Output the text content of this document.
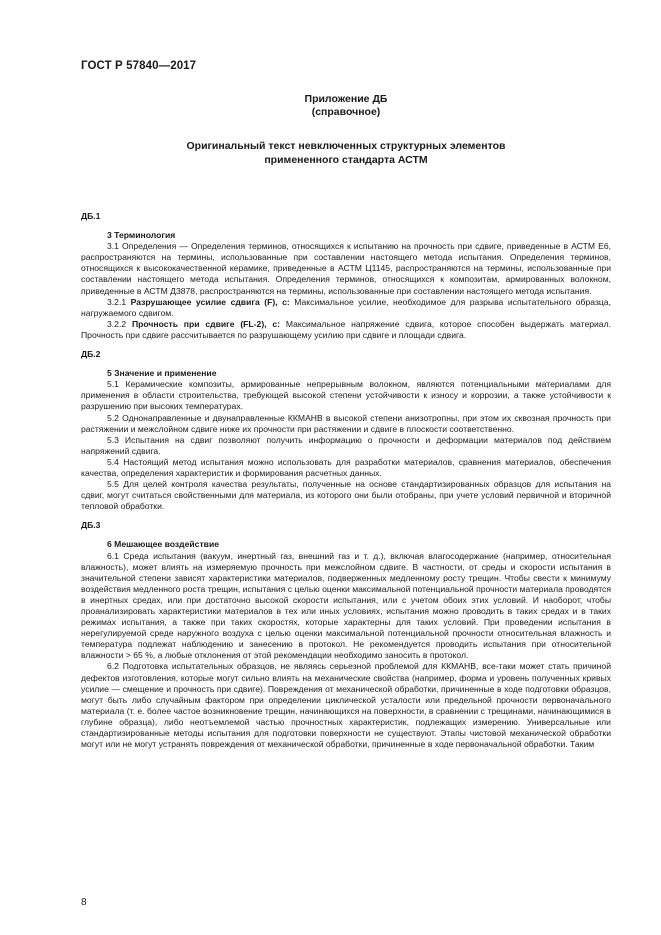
ГОСТ Р 57840—2017
Приложение ДБ
(справочное)
Оригинальный текст невключенных структурных элементов
примененного стандарта АСТМ

ДБ.1

3 Терминология

3.1 Определения — Определения терминов, относящихся к испытанию на прочность при сдвиге, приведенные в АСТМ Е6, распространяются на термины, использованные при составлении настоящего метода испытания. Определения терминов, относящихся к высококачественной керамике, приведенные в АСТМ Ц1145, распространяются на термины, использованные при составлении настоящего метода испытания. Определения терминов, относящихся к композитам, армированных волокном, приведенные в АСТМ Д3878, распространяются на термины, использованные при составлении настоящего метода испытания.

3.2.1 Разрушающее усилие сдвига (F), с: Максимальное усилие, необходимое для разрыва испытательного образца, нагружаемого сдвигом.

3.2.2 Прочность при сдвиге (FL-2), с: Максимальное напряжение сдвига, которое способен выдержать материал. Прочность при сдвиге рассчитывается по разрушающему усилию при сдвиге и площади сдвига.

ДБ.2

5 Значение и применение

5.1 Керамические композиты, армированные непрерывным волокном, являются потенциальными материалами для применения в области строительства, требующей высокой степени устойчивости к износу и коррозии, а также устойчивости к разрушению при высоких температурах.

5.2 Однонаправленные и двунаправленные ККМАНВ в высокой степени анизотропны, при этом их сквозная прочность при растяжении и межслойном сдвиге ниже их прочности при растяжении и сдвиге в плоскости соответственно.

5.3 Испытания на сдвиг позволяют получить информацию о прочности и деформации материалов под действием напряжений сдвига.

5.4 Настоящий метод испытания можно использовать для разработки материалов, сравнения материалов, обеспечения качества, определения характеристик и формирования расчетных данных.

5.5 Для целей контроля качества результаты, полученные на основе стандартизированных образцов для испытания на сдвиг, могут считаться свойственными для материала, из которого они были отобраны, при учете условий первичной и вторичной тепловой обработки.

ДБ.3

6 Мешающее воздействие

6.1 Среда испытания (вакуум, инертный газ, внешний газ и т. д.), включая влагосодержание (например, относительная влажность), может влиять на измеряемую прочность при межслойном сдвиге. В частности, от среды и скорости испытания в значительной степени зависят характеристики материалов, подверженных медленному росту трещин. Чтобы свести к минимуму воздействия медленного роста трещин, испытания с целью оценки максимальной потенциальной прочности материала проводятся в инертных средах, или при достаточно высокой скорости испытания, или с учетом обоих этих условий. И наоборот, чтобы проанализировать характеристики материалов в тех или иных условиях, испытания можно проводить в таких средах и в таких режимах испытания, а также при таких скоростях, которые характерны для таких условий. При проведении испытания в нерегулируемой среде наружного воздуха с целью оценки максимальной потенциальной прочности относительная влажность и температура подлежат наблюдению и занесению в протокол. Не рекомендуется проводить испытания при относительной влажности > 65 %, а любые отклонения от этой рекомендации необходимо заносить в протокол.

6.2 Подготовка испытательных образцов, не являясь серьезной проблемой для ККМАНВ, все-таки может стать причиной дефектов изготовления, которые могут сильно влиять на механические свойства (например, форма и уровень полученных кривых усилие — смещение и прочность при сдвиге). Повреждения от механической обработки, причиненные в ходе подготовки образцов, могут быть либо случайным фактором при определении циклической усталости или предельной прочности первоначального материала (т. е. более частое возникновение трещин, начинающихся на поверхности, в сравнении с трещинами, начинающимися в глубине образца), либо неотъемлемой частью прочностных характеристик, подлежащих измерению. Универсальные или стандартизированные методы испытания для подготовки поверхности не существуют. Этапы чистовой механической обработки могут или не могут устранять повреждения от механической обработки, причиненные в ходе первоначальной обработки. Таким

8
